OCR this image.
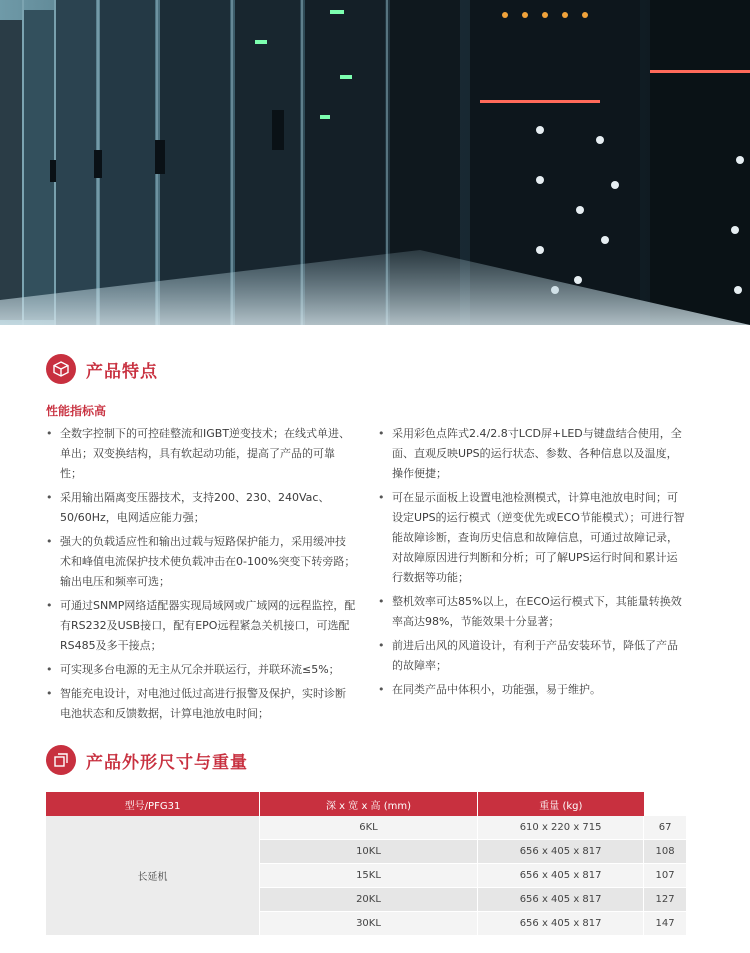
产品特点
性能指标高
• 全数字控制下的可控硅整流和IGBT逆变技术；在线式单进、单出；双变换结构，具有软起动功能，提高了产品的可靠性；
• 采用输出隔离变压器技术，支持200、230、240Vac、50/60Hz，电网适应能力强；
• 强大的负载适应性和输出过载与短路保护能力，采用缓冲技术和峰值电流保护技术使负载冲击在0-100%突变下转旁路；输出电压和频率可选；
• 可通过SNMP网络适配器实现局域网或广域网的远程监控，配有RS232及USB接口，配有EPO远程紧急关机接口，可选配RS485及多干接点；
• 可实现多台电源的无主从冗余并联运行，并联环流≤5%；
• 智能充电设计，对电池过低过高进行报警及保护，实时诊断电池状态和反馈数据，计算电池放电时间；
• 采用彩色点阵式2.4/2.8寸LCD屏+LED与键盘结合使用，全面、直观反映UPS的运行状态、参数、各种信息以及温度，操作便捷；
• 可在显示面板上设置电池检测模式，计算电池放电时间；可设定UPS的运行模式（逆变优先或ECO节能模式）；可进行智能故障诊断，查询历史信息和故障信息，可通过故障记录，对故障原因进行判断和分析；可了解UPS运行时间和累计运行数据等功能；
• 整机效率可达85%以上，在ECO运行模式下，其能量转换效率高达98%，节能效果十分显著；
• 前进后出风的风道设计，有利于产品安装环节，降低了产品的故障率；
• 在同类产品中体积小，功能强，易于维护。
产品外形尺寸与重量
型号/PFG31	深 x 宽 x 高 (mm)	重量 (kg)	
长延机	6KL	610 x 220 x 715	67
	10KL	656 x 405 x 817	108
	15KL	656 x 405 x 817	107
	20KL	656 x 405 x 817	127
	30KL	656 x 405 x 817	147
